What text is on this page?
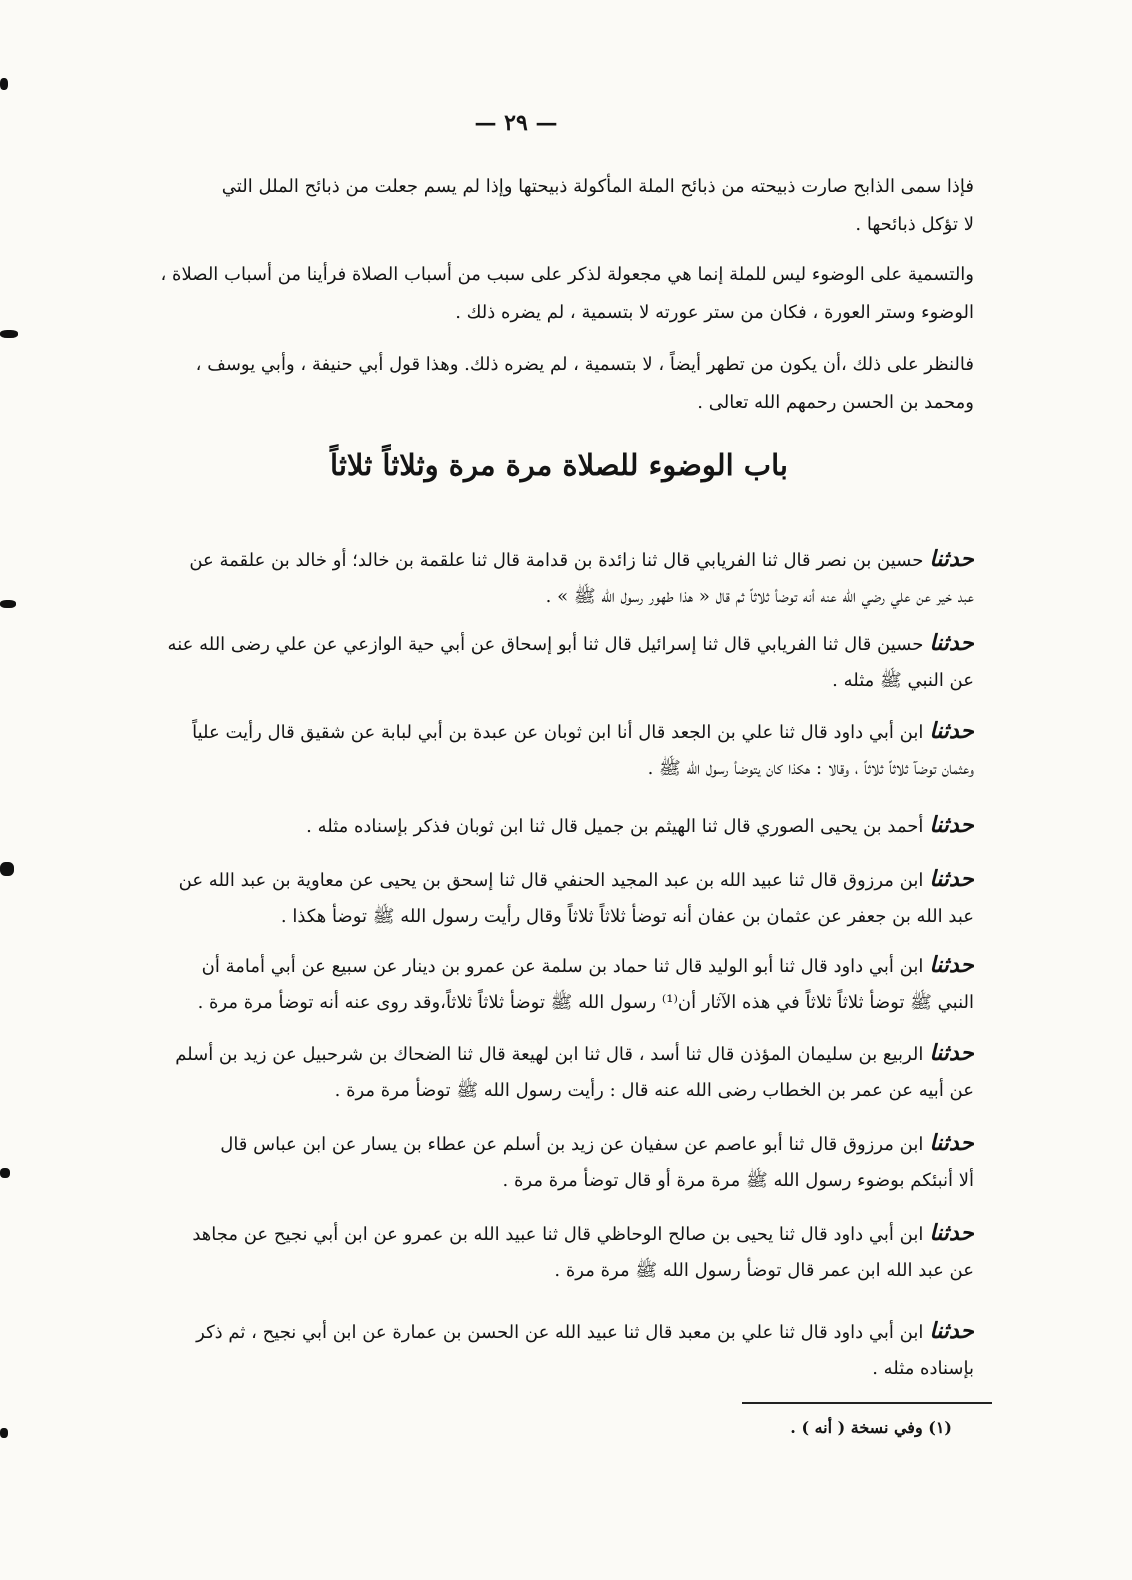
— ٢٩ —
فإذا سمى الذابح صارت ذبيحته من ذبائح الملة المأكولة ذبيحتها وإذا لم يسم جعلت من ذبائح الملل التي
لا تؤكل ذبائحها .
والتسمية على الوضوء ليس للملة إنما هي مجعولة لذكر على سبب من أسباب الصلاة فرأينا من أسباب الصلاة ،
الوضوء وستر العورة ، فكان من ستر عورته لا بتسمية ، لم يضره ذلك .
فالنظر على ذلك ،أن يكون من تطهر أيضاً ، لا بتسمية ، لم يضره ذلك. وهذا قول أبي حنيفة ، وأبي يوسف ،
ومحمد بن الحسن رحمهم الله تعالى .
باب الوضوء للصلاة مرة مرة وثلاثاً ثلاثاً
حدثناحسين بن نصر قال ثنا الفريابي قال ثنا زائدة بن قدامة قال ثنا علقمة بن خالد؛ أو خالد بن علقمة عن
عبد خير عن علي رضي الله عنه أنه توضأ ثلاثاً ثم قال « هذا طهور رسول الله ﷺ » .
حدثناحسين قال ثنا الفريابي قال ثنا إسرائيل قال ثنا أبو إسحاق عن أبي حية الوازعي عن علي رضى الله عنه
عن النبي ﷺ مثله .
حدثناابن أبي داود قال ثنا علي بن الجعد قال أنا ابن ثوبان عن عبدة بن أبي لبابة عن شقيق قال رأيت علياً
وعثمان توضآ ثلاثاً ثلاثاً ، وقالا : هكذا كان يتوضأ رسول الله ﷺ .
حدثناأحمد بن يحيى الصوري قال ثنا الهيثم بن جميل قال ثنا ابن ثوبان فذكر بإسناده مثله .
حدثناابن مرزوق قال ثنا عبيد الله بن عبد المجيد الحنفي قال ثنا إسحق بن يحيى عن معاوية بن عبد الله عن
عبد الله بن جعفر عن عثمان بن عفان أنه توضأ ثلاثاً ثلاثاً وقال رأيت رسول الله ﷺ توضأ هكذا .
حدثناابن أبي داود قال ثنا أبو الوليد قال ثنا حماد بن سلمة عن عمرو بن دينار عن سبيع عن أبي أمامة أن
النبي ﷺ توضأ ثلاثاً ثلاثاً في هذه الآثار أن⁽¹⁾ رسول الله ﷺ توضأ ثلاثاً ثلاثاً،وقد روى عنه أنه توضأ مرة مرة .
حدثناالربيع بن سليمان المؤذن قال ثنا أسد ، قال ثنا ابن لهيعة قال ثنا الضحاك بن شرحبيل عن زيد بن أسلم
عن أبيه عن عمر بن الخطاب رضى الله عنه قال : رأيت رسول الله ﷺ توضأ مرة مرة .
حدثناابن مرزوق قال ثنا أبو عاصم عن سفيان عن زيد بن أسلم عن عطاء بن يسار عن ابن عباس قال
ألا أنبئكم بوضوء رسول الله ﷺ مرة مرة أو قال توضأ مرة مرة .
حدثناابن أبي داود قال ثنا يحيى بن صالح الوحاظي قال ثنا عبيد الله بن عمرو عن ابن أبي نجيح عن مجاهد
عن عبد الله ابن عمر قال توضأ رسول الله ﷺ مرة مرة .
حدثناابن أبي داود قال ثنا علي بن معبد قال ثنا عبيد الله عن الحسن بن عمارة عن ابن أبي نجيح ، ثم ذكر
بإسناده مثله .
(١) وفي نسخة ( أنه ) .
